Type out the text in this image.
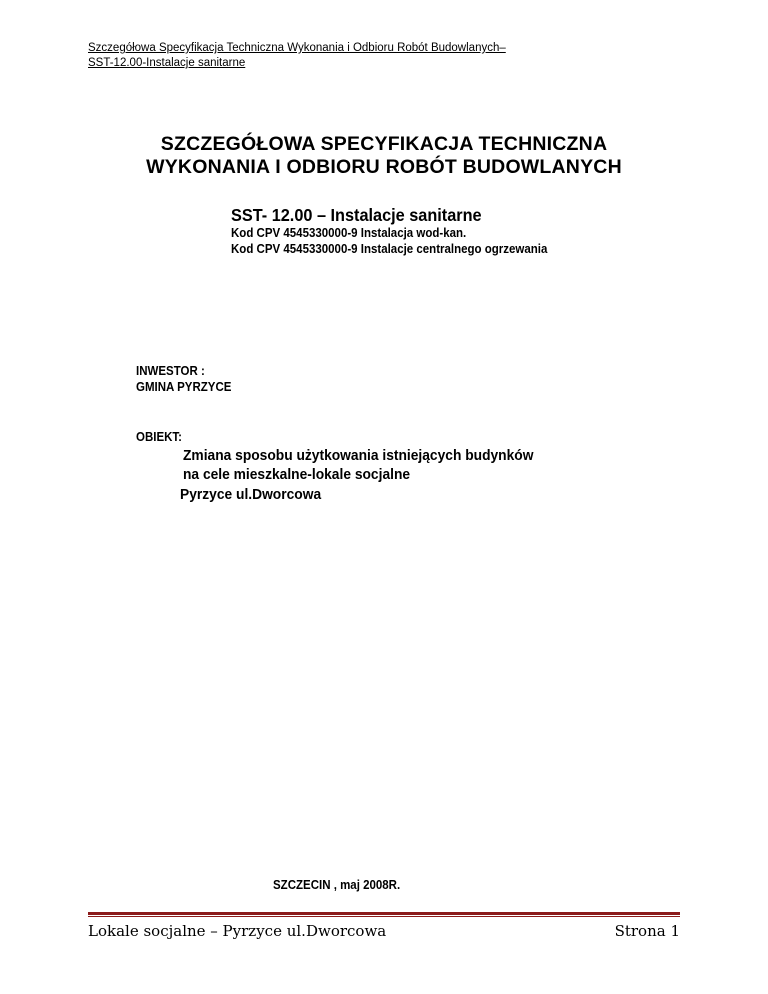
Szczegółowa Specyfikacja Techniczna Wykonania i Odbioru Robót Budowlanych–
SST-12.00-Instalacje sanitarne
SZCZEGÓŁOWA SPECYFIKACJA TECHNICZNA
WYKONANIA I ODBIORU ROBÓT BUDOWLANYCH
SST- 12.00 – Instalacje sanitarne
Kod CPV 4545330000-9 Instalacja wod-kan.
Kod CPV 4545330000-9 Instalacje centralnego ogrzewania
INWESTOR :
GMINA PYRZYCE
OBIEKT:
Zmiana sposobu użytkowania istniejących budynków
na cele mieszkalne-lokale socjalne
Pyrzyce ul.Dworcowa
SZCZECIN , maj 2008R.
Lokale socjalne – Pyrzyce ul.Dworcowa	Strona 1
